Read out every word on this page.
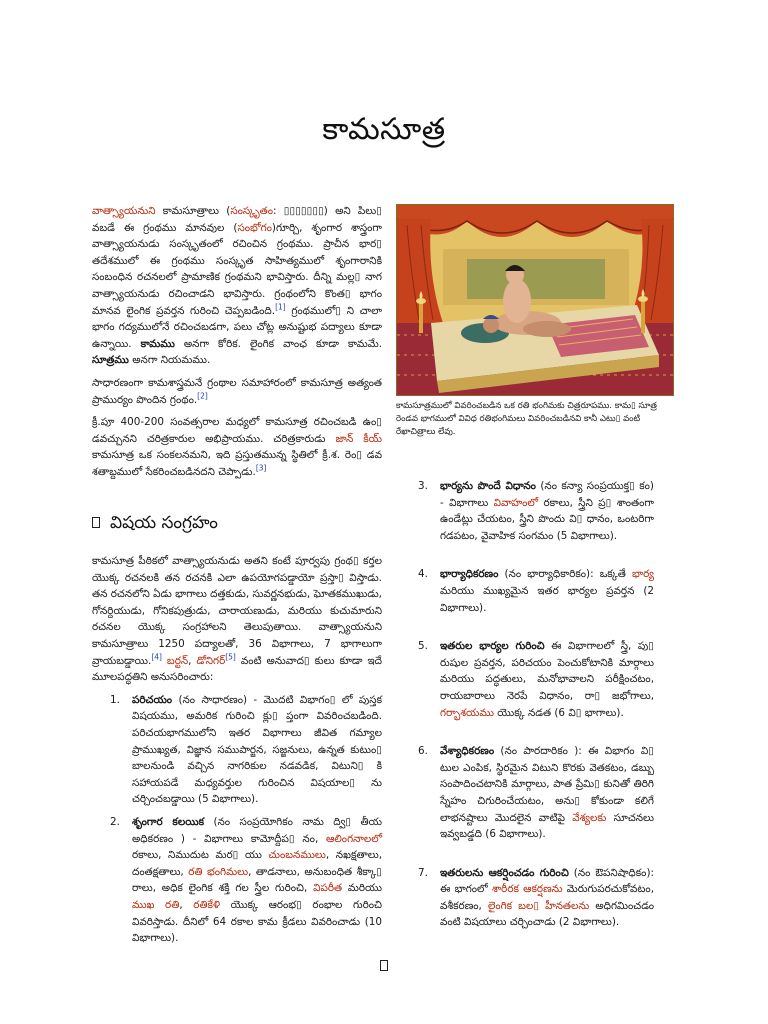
కామసూత్ర

వాత్స్యాయనుని కామసూత్రాలు (సంస్కృతం: ▯▯▯▯▯▯▯) అని పిలు▯ వబడే ఈ గ్రంథము మానవుల (సంభోగం)గూర్చి, శృంగార శాస్త్రంగా వాత్స్యాయనుడు సంస్కృతంలో రచించిన గ్రంథము. ప్రాచీన భార▯ తదేశములో ఈ గ్రంథము సంస్కృత సాహిత్యములో శృంగారానికి సంబంధిన రచనలలో ప్రామాణిక గ్రంథమని భావిస్తారు. దీన్ని మల్ల▯ నాగ వాత్స్యాయనుడు రచించాడని భావిస్తారు. గ్రంథంలోని కొంత▯ భాగం మానవ లైంగిక ప్రవర్తన గురించి చెప్పబడింది.[1] గ్రంథములో▯ ని చాలా భాగం గద్యములోనే రచించబడగా, పలు చోట్ల అనుష్టుభ పద్యాలు కూడా ఉన్నాయి. కామము అనగా కోరిక. లైంగిక వాంఛ కూడా కామమే. సూత్రము అనగా నియమము.

సాధారణంగా కామశాస్త్రమనే గ్రంథాల సమాహారంలో కామసూత్ర అత్యంత ప్రాముర్యం పొందిన గ్రంథం.[2]

క్రీ.పూ 400-200 సంవత్సరాల మధ్యలో కామసూత్ర రచించబడి ఉం▯ డవచ్చునని చరిత్రకారుల అభిప్రాయము. చరిత్రకారుడు జాన్ కీయ్ కామసూత్ర ఒక సంకలనమని, ఇది ప్రస్తుతమున్న స్థితిలో క్రీ.శ. రెం▯ డవ శతాబ్దములో సేకరించబడినదని చెప్పాడు.[3]

విషయ సంగ్రహం

కామసూత్ర పీఠికలో వాత్స్యాయనుడు అతని కంటే పూర్వపు గ్రంథ▯ కర్తల యొక్క రచనలకి తన రచనకి ఎలా ఉపయోగపడ్డాయో ప్రస్తా▯ విస్తాడు. తన రచనలోని ఏడు భాగాలు దత్తకుడు, సువర్ణనభుడు, ఘోతకముఖుడు, గోనర్దియుడు, గోనికపుత్రుడు, చారాయణుడు, మరియు కుచుమారుని రచనల యొక్క సంగ్రహాలని తెలుపుతాయి. వాత్స్యాయనుని కామసూత్రాలు 1250 పద్యాలతో, 36 విభాగాలు, 7 భాగాలుగా వ్రాయబడ్డాయి.[4] బర్టన్, డోనిగర్[5] వంటి అనువాద▯ కులు కూడా ఇదే మూలపద్ధతిని అనుసరించారు:

1. పరిచయం (నం సాధారణం) - మొదటి విభాగం▯ లో పుస్తక విషయము, అమరిక గురించి క్లు▯ ప్తంగా వివరించబడింది. పరిచయభాగములోని ఇతర విభాగాలు జీవిత గమ్యాల ప్రాముఖ్యత, విజ్ఞాన సముపార్జన, సజ్జనులు, ఉన్నత కుటుం▯ బాలనుండి వచ్చిన నాగరికుల నడవడిక, విటుని▯ కి సహాయపడే మధ్యవర్తుల గురించిన విషయాల▯ ను చర్చించబడ్డాయి (5 విభాగాలు).
2. శృంగార కలయిక (నం సంప్రయోగికం నామ ద్వి▯ తీయ అధికరణం ) - విభాగాలు కామోద్దీప▯ నం, ఆలింగనాలలో రకాలు, నిముదుట మర▯ యు చుంబనములు, నఖక్షతాలు, దంతక్షతాలు, రతి భంగిమలు, తాడనాలు, అనుబంధిత శీక్కా▯ రాలు, అధిక లైంగిక శక్తి గల స్త్రీల గురించి, విపరీత మరియు ముఖ రతి, రతికేళి యొక్క ఆరంభ▯ రంభాల గురించి వివరిస్తాడు. దీనిలో 64 రకాల కామ క్రీడలు వివరించాడు (10 విభాగాలు).
కామసూత్రములో వివరించబడిన ఒక రతి భంగిమకు చిత్రరూపము. కామ▯ సూత్ర రెండవ భాగములో వివిధ రతిభంగిమలు వివరించబడినవి కానీ ఎటు▯ వంటి రేఖాచిత్రాలు లేవు.
3. భార్యను పొందే విధానం (నం కన్యా సంప్రయుక్త▯ కం) - విభాగాలు వివాహంలో రకాలు, స్త్రీని ప్ర▯ శాంతంగా ఉండేట్లు చేయటం, స్త్రీని పొందు వి▯ ధానం, ఒంటరిగా గడపటం, వైవాహిక సంగమం (5 విభాగాలు).
4. భార్యాధికరణం (నం భార్యాధికారికం): ఒక్కతే భార్య మరియు ముఖ్యమైన ఇతర భార్యల ప్రవర్తన (2 విభాగాలు).
5. ఇతరుల భార్యల గురించి ఈ విభాగాలలో స్త్రీ, పు▯ రుషుల ప్రవర్తన, పరిచయం పెంచుకోటానికి మార్గాలు మరియు పద్ధతులు, మనోభావాలని పరీక్షించటం, రాయబారాలు నెరపే విధానం, రా▯ జభోగాలు, గర్భాశయము యొక్క నడత (6 వి▯ భాగాలు).
6. వేశ్యాధికరణం (నం పారదారికం ): ఈ విభాగం వి▯ టుల ఎంపిక, స్థిరమైన విటుని కొరకు వెతకటం, డబ్బు సంపాదించటానికి మార్గాలు, పాత ప్రేమి▯ కునితో తిరిగి స్నేహం చిగురించేయటం, అను▯ కోకుండా కలిగే లాభనష్టాలు మొదలైన వాటిపై వేశ్యలకు సూచనలు ఇవ్వబడ్డది (6 విభాగాలు).
7. ఇతరులను ఆకర్షించడం గురించి (నం ఔపనిషాధికం): ఈ భాగంలో శారీరక ఆకర్షణను మెరుగుపరచుకోవటం, వశీకరణం, లైంగిక బల▯ హీనతలను అధిగమించడం వంటి విషయాలు చర్చించాడు (2 విభాగాలు).
